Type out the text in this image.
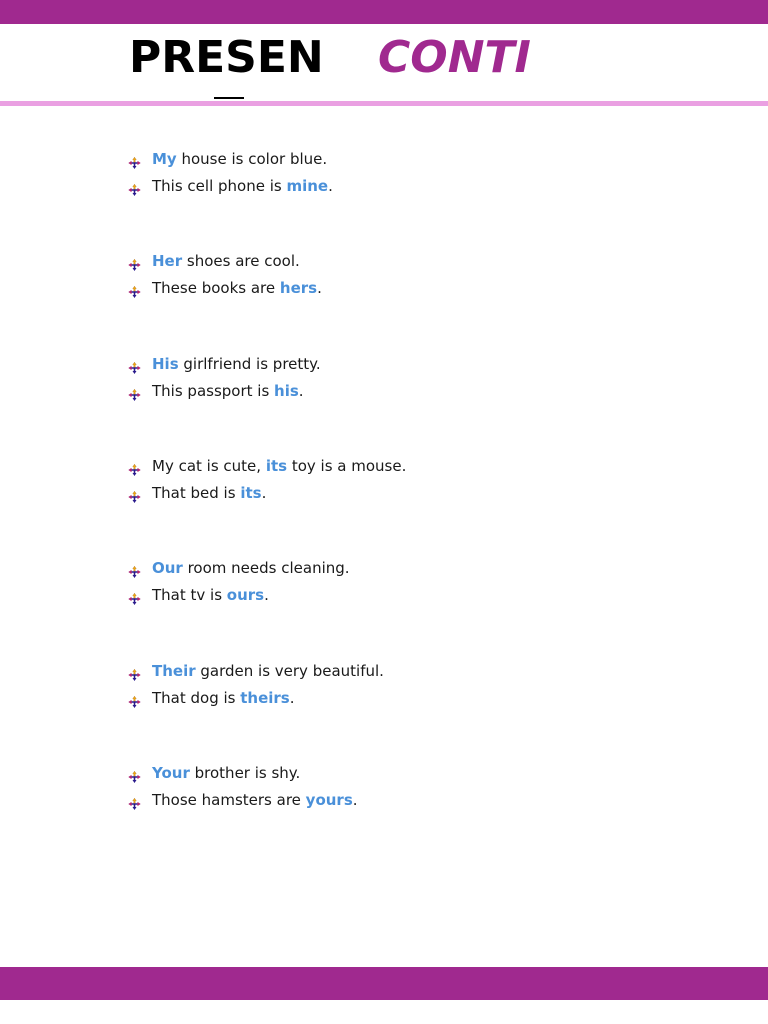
PRESEN CONTI
My house is color blue.
This cell phone is mine.
Her shoes are cool.
These books are hers.
His girlfriend is pretty.
This passport is his.
My cat is cute, its toy is a mouse.
That bed is its.
Our room needs cleaning.
That tv is ours.
Their garden is very beautiful.
That dog is theirs.
Your brother is shy.
Those hamsters are yours.
